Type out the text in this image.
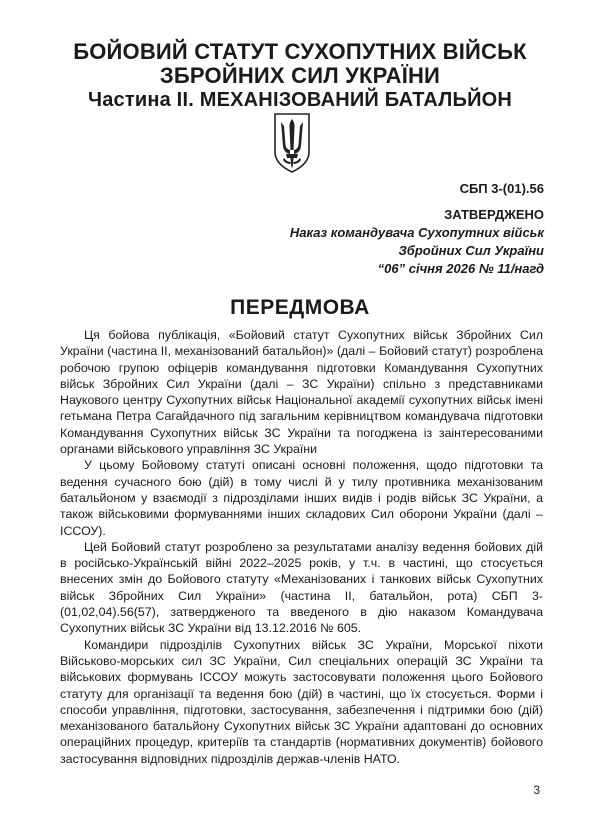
БОЙОВИЙ СТАТУТ СУХОПУТНИХ ВІЙСЬК
ЗБРОЙНИХ СИЛ УКРАЇНИ
Частина ІІ. МЕХАНІЗОВАНИЙ БАТАЛЬЙОН
СБП 3-(01).56
ЗАТВЕРДЖЕНО
Наказ командувача Сухопутних військ
Збройних Сил України
“06” січня 2026 № 11/нагд
ПЕРЕДМОВА

Ця бойова публікація, «Бойовий статут Сухопутних військ Збройних Сил України (частина ІІ, механізований батальйон)» (далі – Бойовий статут) розроблена робочою групою офіцерів командування підготовки Командування Сухопутних військ Збройних Сил України (далі – ЗС України) спільно з представниками Наукового центру Сухопутних військ Національної академії сухопутних військ імені гетьмана Петра Сагайдачного під загальним керівництвом командувача підготовки Командування Сухопутних військ ЗС України та погоджена із заінтересованими органами військового управління ЗС України

У цьому Бойовому статуті описані основні положення, щодо підготовки та ведення сучасного бою (дій) в тому числі й у тилу противника механізованим батальйоном у взаємодії з підрозділами інших видів і родів військ ЗС України, а також військовими формуваннями інших складових Сил оборони України (далі – ІССОУ).

Цей Бойовий статут розроблено за результатами аналізу ведення бойових дій в російсько-Українській війні 2022–2025 років, у т.ч. в частині, що стосується внесених змін до Бойового статуту «Механізованих і танкових військ Сухопутних військ Збройних Сил України» (частина ІІ, батальйон, рота) СБП 3-(01,02,04).56(57), затвердженого та введеного в дію наказом Командувача Сухопутних військ ЗС України від 13.12.2016 № 605.

Командири підрозділів Сухопутних військ ЗС України, Морської піхоти Військово-морських сил ЗС України, Сил спеціальних операцій ЗС України та військових формувань ІССОУ можуть застосовувати положення цього Бойового статуту для організації та ведення бою (дій) в частині, що їх стосується. Форми і способи управління, підготовки, застосування, забезпечення і підтримки бою (дій) механізованого батальйону Сухопутних військ ЗС України адаптовані до основних операційних процедур, критеріїв та стандартів (нормативних документів) бойового застосування відповідних підрозділів держав-членів НАТО.

3
